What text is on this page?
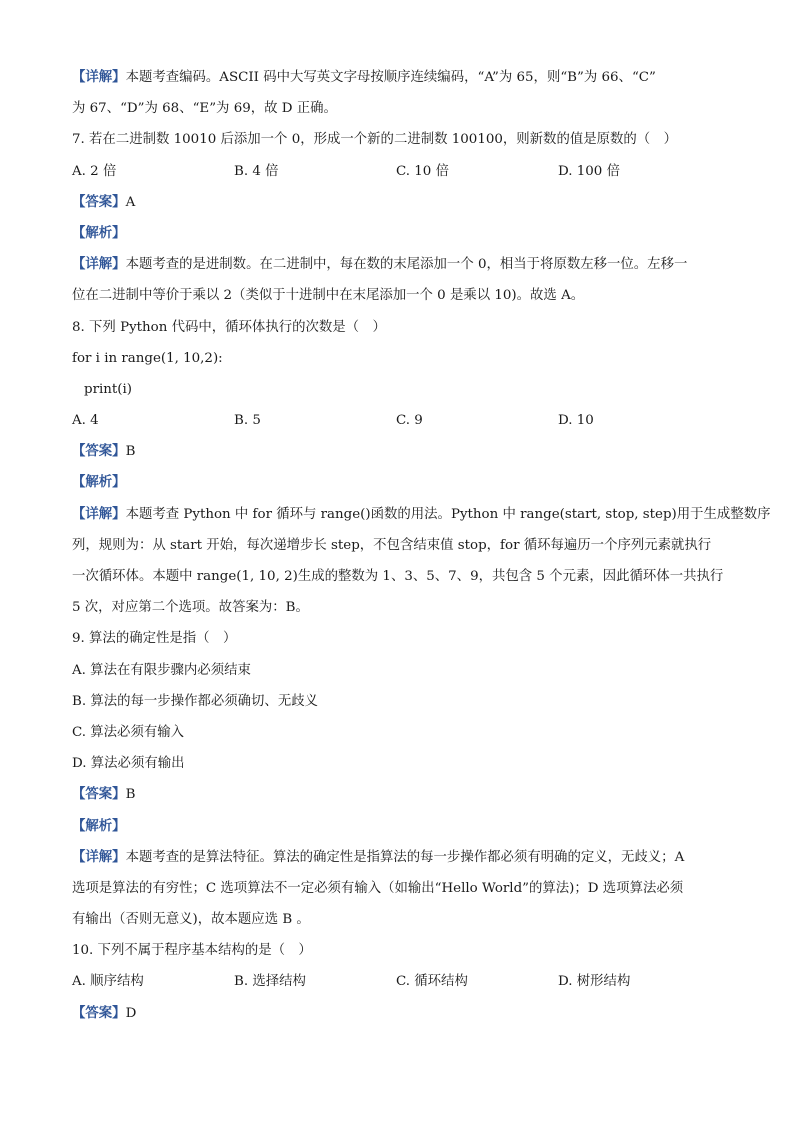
【详解】本题考查编码。ASCII 码中大写英文字母按顺序连续编码，“A”为 65，则“B”为 66、“C”
为 67、“D”为 68、“E”为 69，故 D 正确。
7. 若在二进制数 10010 后添加一个 0，形成一个新的二进制数 100100，则新数的值是原数的（　）
A. 2 倍	B. 4 倍	C. 10 倍	D. 100 倍
【答案】A
【解析】
【详解】本题考查的是进制数。在二进制中，每在数的末尾添加一个 0，相当于将原数左移一位。左移一
位在二进制中等价于乘以 2（类似于十进制中在末尾添加一个 0 是乘以 10)。故选 A。
8. 下列 Python 代码中，循环体执行的次数是（　）
for i in range(1, 10,2):
print(i)
A. 4	B. 5	C. 9	D. 10
【答案】B
【解析】
【详解】本题考查 Python 中 for 循环与 range()函数的用法。Python 中 range(start, stop, step)用于生成整数序
列，规则为：从 start 开始，每次递增步长 step，不包含结束值 stop，for 循环每遍历一个序列元素就执行
一次循环体。本题中 range(1, 10, 2)生成的整数为 1、3、5、7、9，共包含 5 个元素，因此循环体一共执行
5 次，对应第二个选项。故答案为：B。
9. 算法的确定性是指（　）
A. 算法在有限步骤内必须结束
B. 算法的每一步操作都必须确切、无歧义
C. 算法必须有输入
D. 算法必须有输出
【答案】B
【解析】
【详解】本题考查的是算法特征。算法的确定性是指算法的每一步操作都必须有明确的定义，无歧义；A
选项是算法的有穷性；C 选项算法不一定必须有输入（如输出“Hello World”的算法)；D 选项算法必须
有输出（否则无意义)，故本题应选 B 。
10. 下列不属于程序基本结构的是（　）
A. 顺序结构	B. 选择结构	C. 循环结构	D. 树形结构
【答案】D
